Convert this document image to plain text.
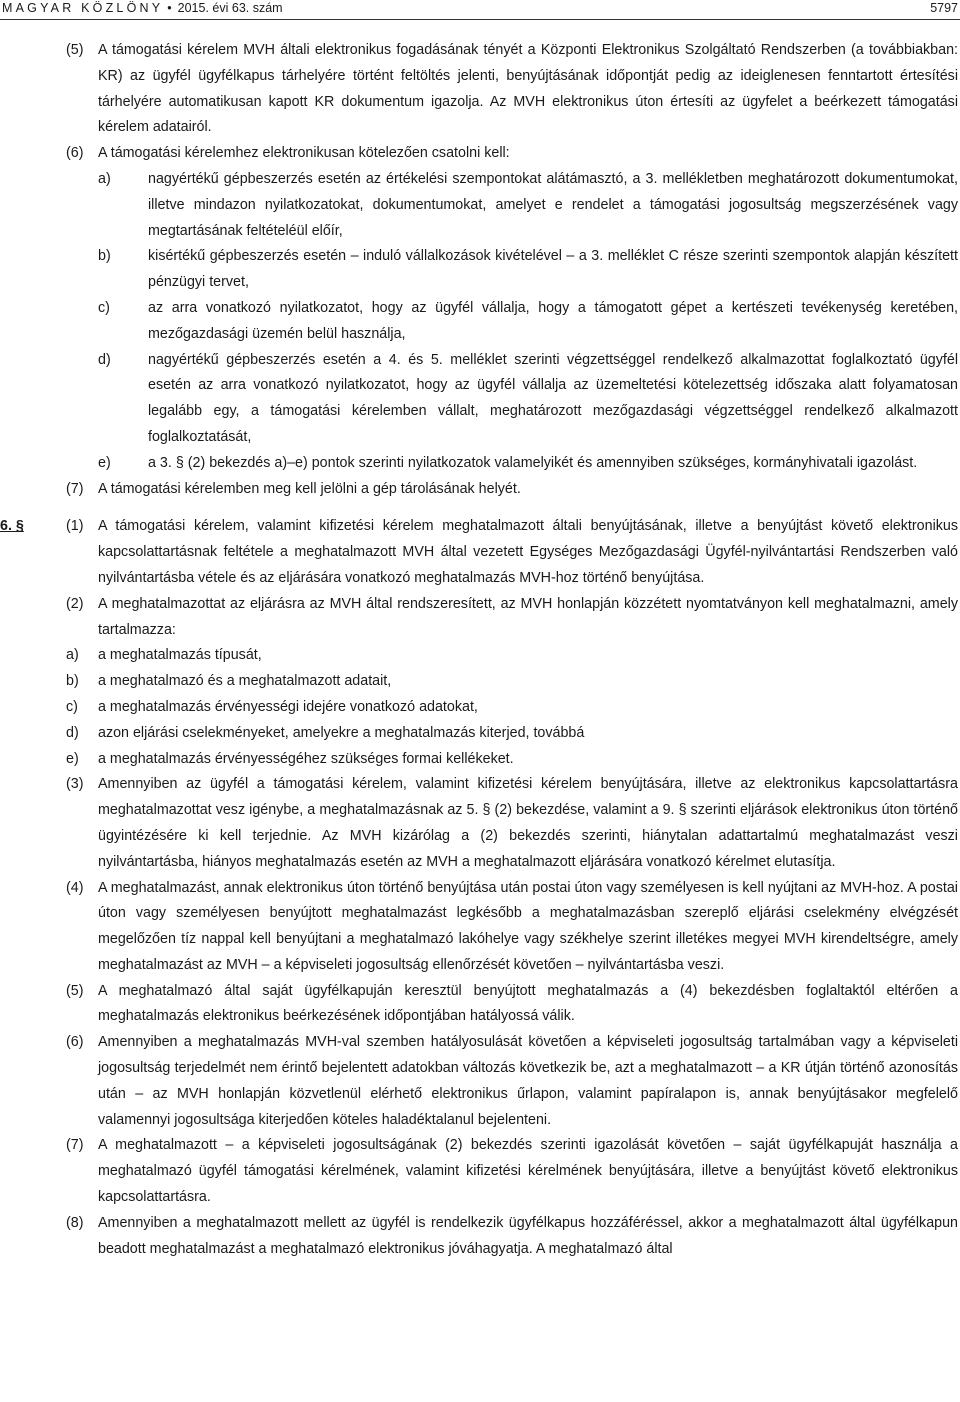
MAGYAR KÖZLÖNY • 2015. évi 63. szám	5797

(5) A támogatási kérelem MVH általi elektronikus fogadásának tényét a Központi Elektronikus Szolgáltató Rendszerben (a továbbiakban: KR) az ügyfél ügyfélkapus tárhelyére történt feltöltés jelenti, benyújtásának időpontját pedig az ideiglenesen fenntartott értesítési tárhelyére automatikusan kapott KR dokumentum igazolja. Az MVH elektronikus úton értesíti az ügyfelet a beérkezett támogatási kérelem adatairól.

(6) A támogatási kérelemhez elektronikusan kötelezően csatolni kell:

a)	nagyértékű gépbeszerzés esetén az értékelési szempontokat alátámasztó, a 3. mellékletben meghatározott dokumentumokat, illetve mindazon nyilatkozatokat, dokumentumokat, amelyet e rendelet a támogatási jogosultság megszerzésének vagy megtartásának feltételéül előír,

b)	kisértékű gépbeszerzés esetén – induló vállalkozások kivételével – a 3. melléklet C része szerinti szempontok alapján készített pénzügyi tervet,

c)	az arra vonatkozó nyilatkozatot, hogy az ügyfél vállalja, hogy a támogatott gépet a kertészeti tevékenység keretében, mezőgazdasági üzemén belül használja,

d)	nagyértékű gépbeszerzés esetén a 4. és 5. melléklet szerinti végzettséggel rendelkező alkalmazottat foglalkoztató ügyfél esetén az arra vonatkozó nyilatkozatot, hogy az ügyfél vállalja az üzemeltetési kötelezettség időszaka alatt folyamatosan legalább egy, a támogatási kérelemben vállalt, meghatározott mezőgazdasági végzettséggel rendelkező alkalmazott foglalkoztatását,

e)	a 3. § (2) bekezdés a)–e) pontok szerinti nyilatkozatok valamelyikét és amennyiben szükséges, kormányhivatali igazolást.

(7) A támogatási kérelemben meg kell jelölni a gép tárolásának helyét.

6. §	(1) A támogatási kérelem, valamint kifizetési kérelem meghatalmazott általi benyújtásának, illetve a benyújtást követő elektronikus kapcsolattartásnak feltétele a meghatalmazott MVH által vezetett Egységes Mezőgazdasági Ügyfél-nyilvántartási Rendszerben való nyilvántartásba vétele és az eljárására vonatkozó meghatalmazás MVH-hoz történő benyújtása.

(2) A meghatalmazottat az eljárásra az MVH által rendszeresített, az MVH honlapján közzétett nyomtatványon kell meghatalmazni, amely tartalmazza:

a) a meghatalmazás típusát,

b) a meghatalmazó és a meghatalmazott adatait,

c) a meghatalmazás érvényességi idejére vonatkozó adatokat,

d) azon eljárási cselekményeket, amelyekre a meghatalmazás kiterjed, továbbá

e) a meghatalmazás érvényességéhez szükséges formai kellékeket.

(3) Amennyiben az ügyfél a támogatási kérelem, valamint kifizetési kérelem benyújtására, illetve az elektronikus kapcsolattartásra meghatalmazottat vesz igénybe, a meghatalmazásnak az 5. § (2) bekezdése, valamint a 9. § szerinti eljárások elektronikus úton történő ügyintézésére ki kell terjednie. Az MVH kizárólag a (2) bekezdés szerinti, hiánytalan adattartalmú meghatalmazást veszi nyilvántartásba, hiányos meghatalmazás esetén az MVH a meghatalmazott eljárására vonatkozó kérelmet elutasítja.

(4) A meghatalmazást, annak elektronikus úton történő benyújtása után postai úton vagy személyesen is kell nyújtani az MVH-hoz. A postai úton vagy személyesen benyújtott meghatalmazást legkésőbb a meghatalmazásban szereplő eljárási cselekmény elvégzését megelőzően tíz nappal kell benyújtani a meghatalmazó lakóhelye vagy székhelye szerint illetékes megyei MVH kirendeltségre, amely meghatalmazást az MVH – a képviseleti jogosultság ellenőrzését követően – nyilvántartásba veszi.

(5) A meghatalmazó által saját ügyfélkapuján keresztül benyújtott meghatalmazás a (4) bekezdésben foglaltaktól eltérően a meghatalmazás elektronikus beérkezésének időpontjában hatályossá válik.

(6) Amennyiben a meghatalmazás MVH-val szemben hatályosulását követően a képviseleti jogosultság tartalmában vagy a képviseleti jogosultság terjedelmét nem érintő bejelentett adatokban változás következik be, azt a meghatalmazott – a KR útján történő azonosítás után – az MVH honlapján közvetlenül elérhető elektronikus űrlapon, valamint papíralapon is, annak benyújtásakor megfelelő valamennyi jogosultsága kiterjedően köteles haladéktalanul bejelenteni.

(7) A meghatalmazott – a képviseleti jogosultságának (2) bekezdés szerinti igazolását követően – saját ügyfélkapuját használja a meghatalmazó ügyfél támogatási kérelmének, valamint kifizetési kérelmének benyújtására, illetve a benyújtást követő elektronikus kapcsolattartásra.

(8) Amennyiben a meghatalmazott mellett az ügyfél is rendelkezik ügyfélkapus hozzáféréssel, akkor a meghatalmazott által ügyfélkapun beadott meghatalmazást a meghatalmazó elektronikus jóváhagyatja. A meghatalmazó által
